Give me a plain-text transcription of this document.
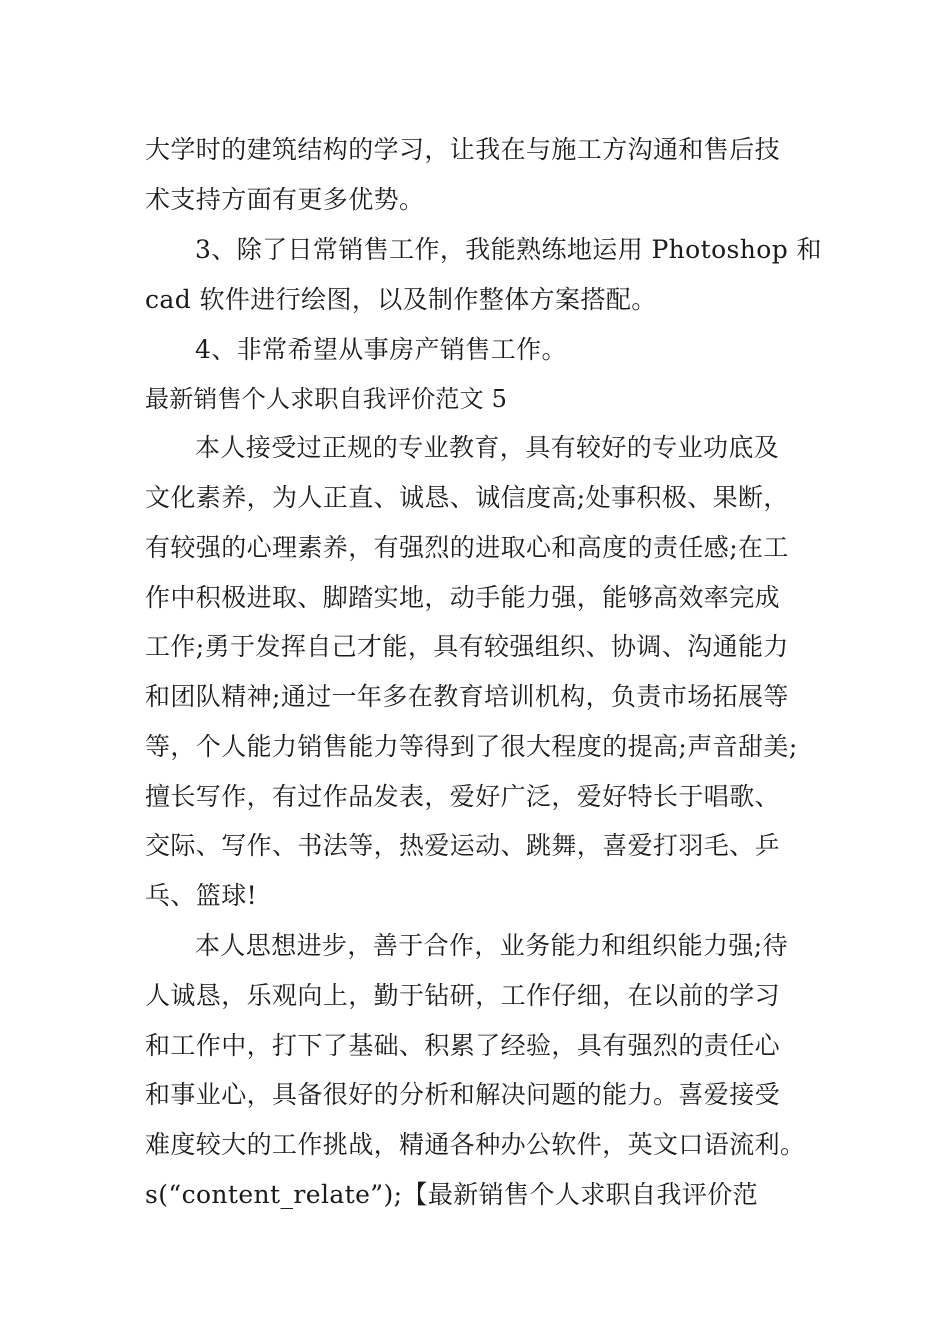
大学时的建筑结构的学习，让我在与施工方沟通和售后技
术支持方面有更多优势。
3、除了日常销售工作，我能熟练地运用 Photoshop 和
cad 软件进行绘图，以及制作整体方案搭配。
4、非常希望从事房产销售工作。
最新销售个人求职自我评价范文 5
本人接受过正规的专业教育，具有较好的专业功底及
文化素养，为人正直、诚恳、诚信度高;处事积极、果断，
有较强的心理素养，有强烈的进取心和高度的责任感;在工
作中积极进取、脚踏实地，动手能力强，能够高效率完成
工作;勇于发挥自己才能，具有较强组织、协调、沟通能力
和团队精神;通过一年多在教育培训机构，负责市场拓展等
等，个人能力销售能力等得到了很大程度的提高;声音甜美;
擅长写作，有过作品发表，爱好广泛，爱好特长于唱歌、
交际、写作、书法等，热爱运动、跳舞，喜爱打羽毛、乒
乓、篮球!
本人思想进步，善于合作，业务能力和组织能力强;待
人诚恳，乐观向上，勤于钻研，工作仔细，在以前的学习
和工作中，打下了基础、积累了经验，具有强烈的责任心
和事业心，具备很好的分析和解决问题的能力。喜爱接受
难度较大的工作挑战，精通各种办公软件，英文口语流利。
s(“content_relate”);【最新销售个人求职自我评价范
